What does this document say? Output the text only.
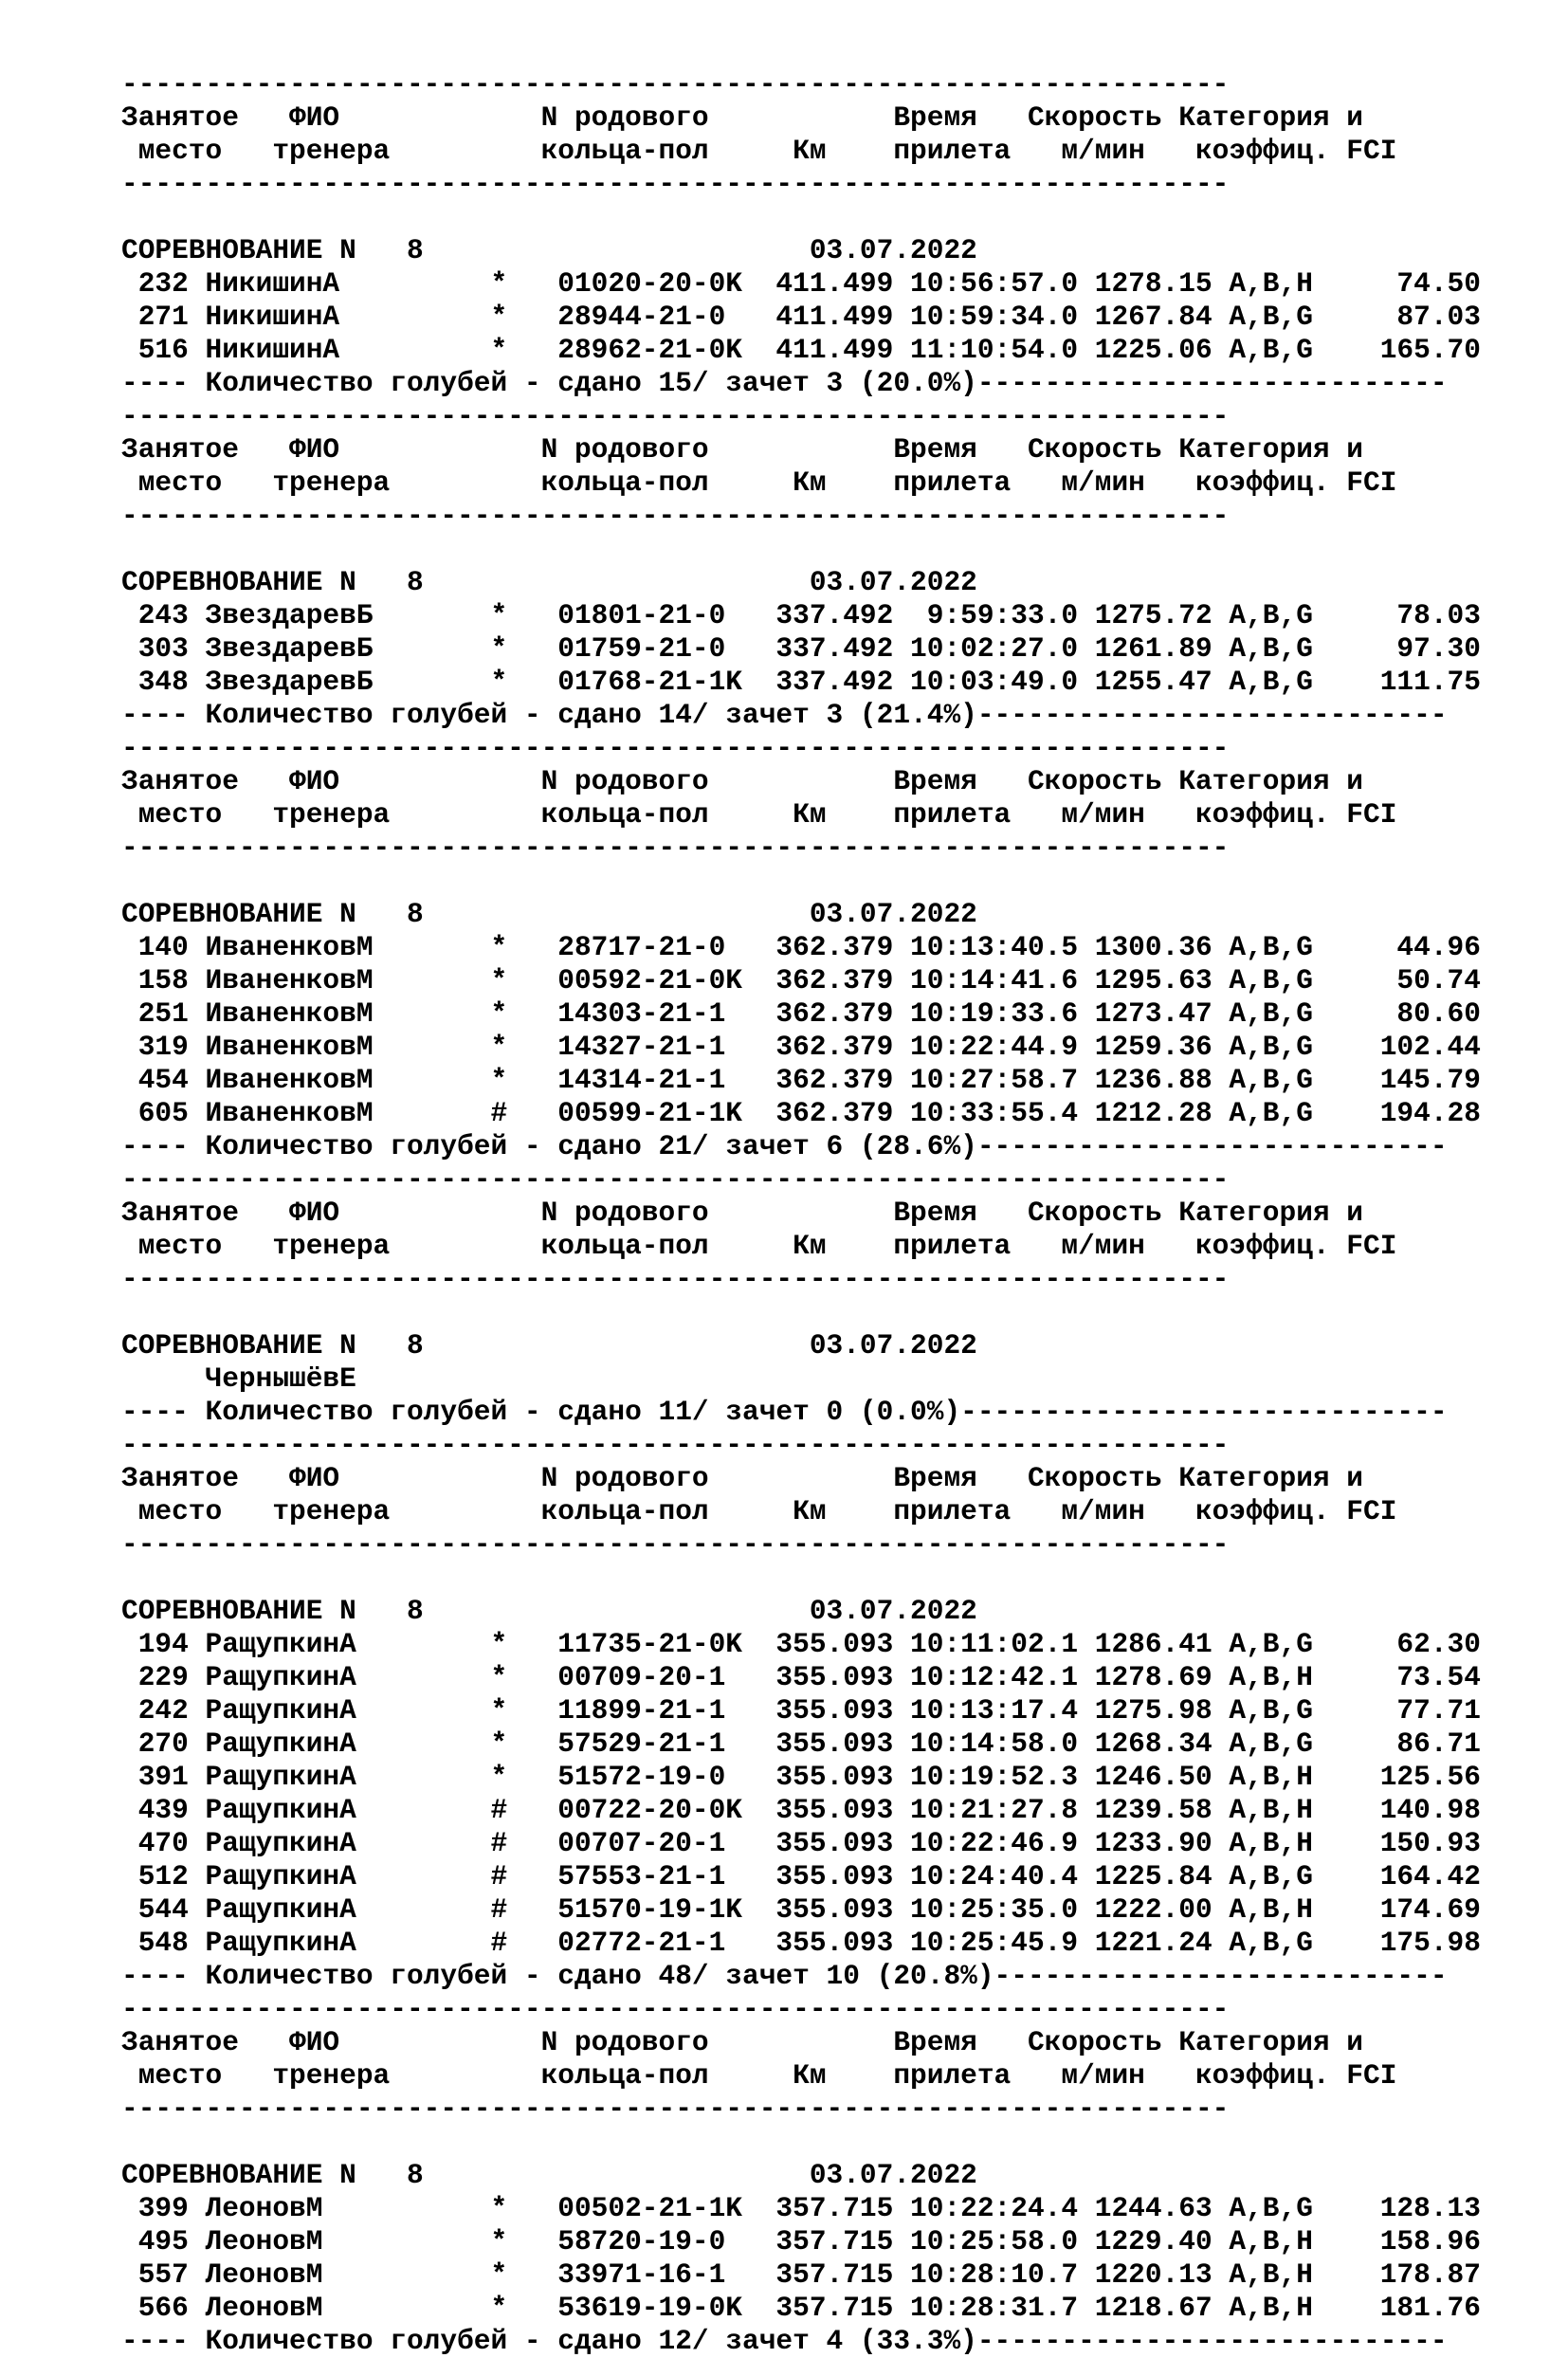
------------------------------------------------------------------
Занятое   ФИО            N родового           Время   Скорость Категория и
место   тренера         кольца-пол     Км    прилета   м/мин   коэффиц. FCI
------------------------------------------------------------------
СОРЕВНОВАНИЕ N   8                       03.07.2022
232 НикишинА         *   01020-20-0K  411.499 10:56:57.0 1278.15 A,B,H     74.50
271 НикишинА         *   28944-21-0   411.499 10:59:34.0 1267.84 A,B,G     87.03
516 НикишинА         *   28962-21-0K  411.499 11:10:54.0 1225.06 A,B,G    165.70
---- Количество голубей - сдано 15/ зачет 3 (20.0%)----------------------------
------------------------------------------------------------------
Занятое   ФИО            N родового           Время   Скорость Категория и
место   тренера         кольца-пол     Км    прилета   м/мин   коэффиц. FCI
------------------------------------------------------------------
СОРЕВНОВАНИЕ N   8                       03.07.2022
243 ЗвездаревБ       *   01801-21-0   337.492  9:59:33.0 1275.72 A,B,G     78.03
303 ЗвездаревБ       *   01759-21-0   337.492 10:02:27.0 1261.89 A,B,G     97.30
348 ЗвездаревБ       *   01768-21-1K  337.492 10:03:49.0 1255.47 A,B,G    111.75
---- Количество голубей - сдано 14/ зачет 3 (21.4%)----------------------------
------------------------------------------------------------------
Занятое   ФИО            N родового           Время   Скорость Категория и
место   тренера         кольца-пол     Км    прилета   м/мин   коэффиц. FCI
------------------------------------------------------------------
СОРЕВНОВАНИЕ N   8                       03.07.2022
140 ИваненковМ       *   28717-21-0   362.379 10:13:40.5 1300.36 A,B,G     44.96
158 ИваненковМ       *   00592-21-0K  362.379 10:14:41.6 1295.63 A,B,G     50.74
251 ИваненковМ       *   14303-21-1   362.379 10:19:33.6 1273.47 A,B,G     80.60
319 ИваненковМ       *   14327-21-1   362.379 10:22:44.9 1259.36 A,B,G    102.44
454 ИваненковМ       *   14314-21-1   362.379 10:27:58.7 1236.88 A,B,G    145.79
605 ИваненковМ       #   00599-21-1K  362.379 10:33:55.4 1212.28 A,B,G    194.28
---- Количество голубей - сдано 21/ зачет 6 (28.6%)----------------------------
------------------------------------------------------------------
Занятое   ФИО            N родового           Время   Скорость Категория и
место   тренера         кольца-пол     Км    прилета   м/мин   коэффиц. FCI
------------------------------------------------------------------
СОРЕВНОВАНИЕ N   8                       03.07.2022
ЧернышёвЕ
---- Количество голубей - сдано 11/ зачет 0 (0.0%)-----------------------------
------------------------------------------------------------------
Занятое   ФИО            N родового           Время   Скорость Категория и
место   тренера         кольца-пол     Км    прилета   м/мин   коэффиц. FCI
------------------------------------------------------------------
СОРЕВНОВАНИЕ N   8                       03.07.2022
194 РащупкинА        *   11735-21-0K  355.093 10:11:02.1 1286.41 A,B,G     62.30
229 РащупкинА        *   00709-20-1   355.093 10:12:42.1 1278.69 A,B,H     73.54
242 РащупкинА        *   11899-21-1   355.093 10:13:17.4 1275.98 A,B,G     77.71
270 РащупкинА        *   57529-21-1   355.093 10:14:58.0 1268.34 A,B,G     86.71
391 РащупкинА        *   51572-19-0   355.093 10:19:52.3 1246.50 A,B,H    125.56
439 РащупкинА        #   00722-20-0K  355.093 10:21:27.8 1239.58 A,B,H    140.98
470 РащупкинА        #   00707-20-1   355.093 10:22:46.9 1233.90 A,B,H    150.93
512 РащупкинА        #   57553-21-1   355.093 10:24:40.4 1225.84 A,B,G    164.42
544 РащупкинА        #   51570-19-1K  355.093 10:25:35.0 1222.00 A,B,H    174.69
548 РащупкинА        #   02772-21-1   355.093 10:25:45.9 1221.24 A,B,G    175.98
---- Количество голубей - сдано 48/ зачет 10 (20.8%)---------------------------
------------------------------------------------------------------
Занятое   ФИО            N родового           Время   Скорость Категория и
место   тренера         кольца-пол     Км    прилета   м/мин   коэффиц. FCI
------------------------------------------------------------------
СОРЕВНОВАНИЕ N   8                       03.07.2022
399 ЛеоновМ          *   00502-21-1K  357.715 10:22:24.4 1244.63 A,B,G    128.13
495 ЛеоновМ          *   58720-19-0   357.715 10:25:58.0 1229.40 A,B,H    158.96
557 ЛеоновМ          *   33971-16-1   357.715 10:28:10.7 1220.13 A,B,H    178.87
566 ЛеоновМ          *   53619-19-0K  357.715 10:28:31.7 1218.67 A,B,H    181.76
---- Количество голубей - сдано 12/ зачет 4 (33.3%)----------------------------
